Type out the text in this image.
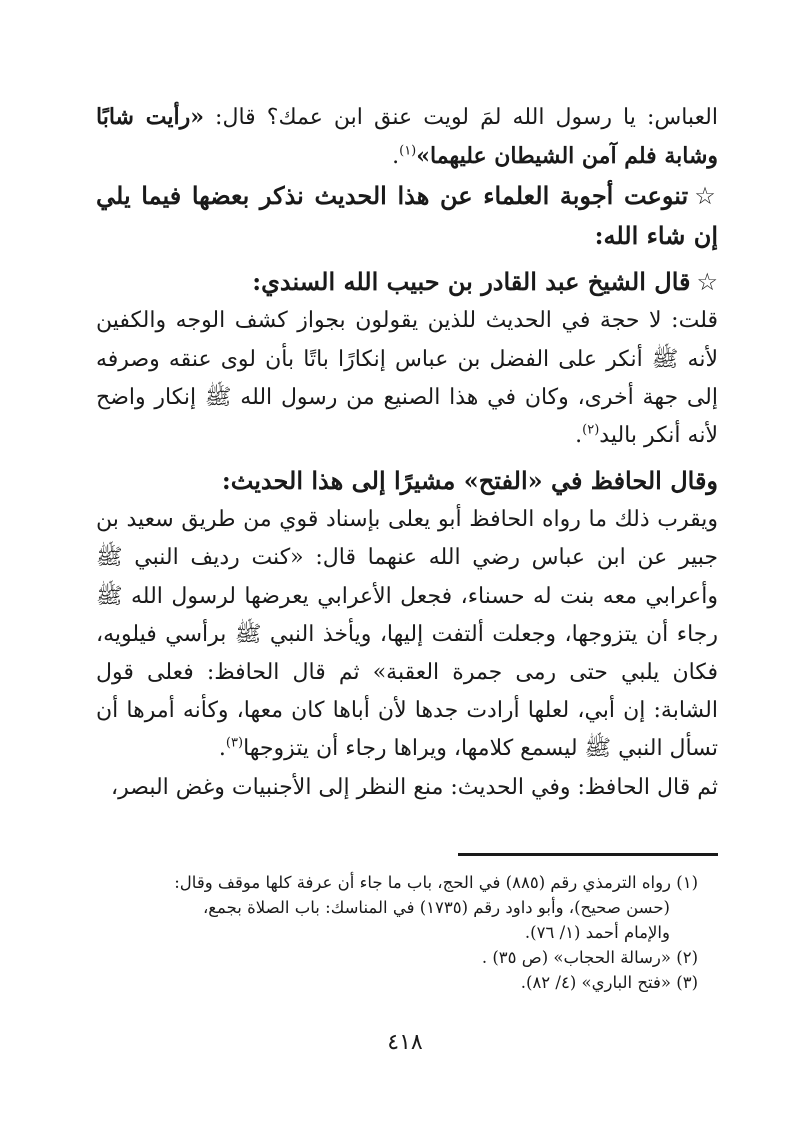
العباس: يا رسول الله لمَ لويت عنق ابن عمك؟ قال: «رأيت شابًا وشابة فلم آمن الشيطان عليهما»$^{(١)}$.

☆تنوعت أجوبة العلماء عن هذا الحديث نذكر بعضها فيما يلي إن شاء الله:

☆قال الشيخ عبد القادر بن حبيب الله السندي:

قلت: لا حجة في الحديث للذين يقولون بجواز كشف الوجه والكفين لأنه ﷺ أنكر على الفضل بن عباس إنكارًا باتًا بأن لوى عنقه وصرفه إلى جهة أخرى، وكان في هذا الصنيع من رسول الله ﷺ إنكار واضح لأنه أنكر باليد$^{(٢)}$.

وقال الحافظ في «الفتح» مشيرًا إلى هذا الحديث:

ويقرب ذلك ما رواه الحافظ أبو يعلى بإسناد قوي من طريق سعيد بن جبير عن ابن عباس رضي الله عنهما قال: «كنت رديف النبي ﷺ وأعرابي معه بنت له حسناء، فجعل الأعرابي يعرضها لرسول الله ﷺ رجاء أن يتزوجها، وجعلت ألتفت إليها، ويأخذ النبي ﷺ برأسي فيلويه، فكان يلبي حتى رمى جمرة العقبة» ثم قال الحافظ: فعلى قول الشابة: إن أبي، لعلها أرادت جدها لأن أباها كان معها، وكأنه أمرها أن تسأل النبي ﷺ ليسمع كلامها، ويراها رجاء أن يتزوجها$^{(٣)}$.

ثم قال الحافظ: وفي الحديث: منع النظر إلى الأجنبيات وغض البصر،

(١) رواه الترمذي رقم (٨٨٥) في الحج، باب ما جاء أن عرفة كلها موقف وقال:

(حسن صحيح)، وأبو داود رقم (١٧٣٥) في المناسك: باب الصلاة بجمع،

والإمام أحمد (١/ ٧٦).

(٢) «رسالة الحجاب» (ص ٣٥) .

(٣) «فتح الباري» (٤/ ٨٢).

٤١٨
